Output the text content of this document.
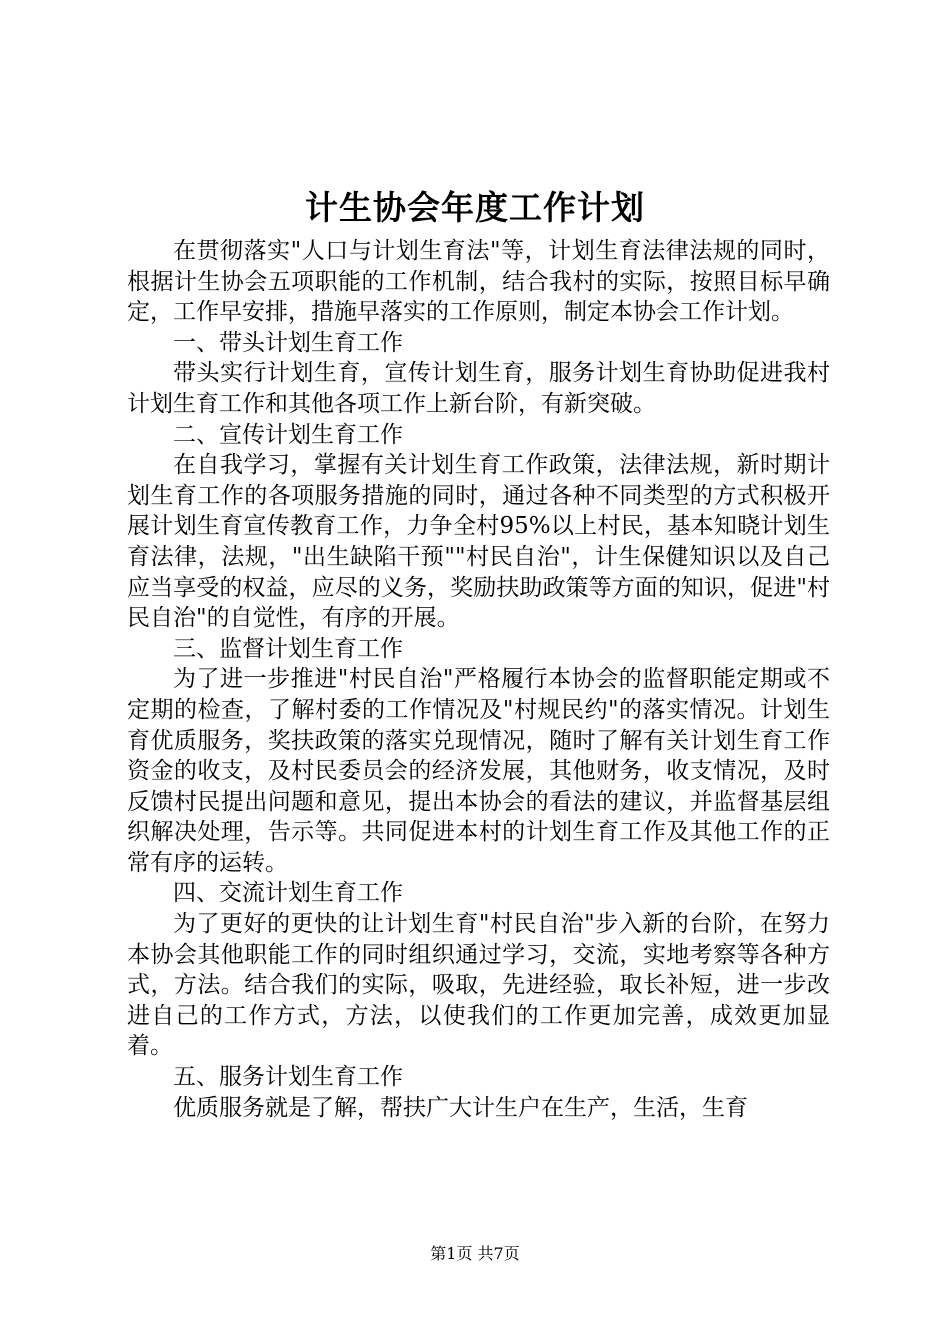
计生协会年度工作计划

在贯彻落实"人口与计划生育法"等，计划生育法律法规的同时，根据计生协会五项职能的工作机制，结合我村的实际，按照目标早确定，工作早安排，措施早落实的工作原则，制定本协会工作计划。

一、带头计划生育工作

带头实行计划生育，宣传计划生育，服务计划生育协助促进我村计划生育工作和其他各项工作上新台阶，有新突破。

二、宣传计划生育工作

在自我学习，掌握有关计划生育工作政策，法律法规，新时期计划生育工作的各项服务措施的同时，通过各种不同类型的方式积极开展计划生育宣传教育工作，力争全村95%以上村民，基本知晓计划生育法律，法规，"出生缺陷干预""村民自治"，计生保健知识以及自己应当享受的权益，应尽的义务，奖励扶助政策等方面的知识，促进"村民自治"的自觉性，有序的开展。

三、监督计划生育工作

为了进一步推进"村民自治"严格履行本协会的监督职能定期或不定期的检查，了解村委的工作情况及"村规民约"的落实情况。计划生育优质服务，奖扶政策的落实兑现情况，随时了解有关计划生育工作资金的收支，及村民委员会的经济发展，其他财务，收支情况，及时反馈村民提出问题和意见，提出本协会的看法的建议，并监督基层组织解决处理，告示等。共同促进本村的计划生育工作及其他工作的正常有序的运转。

四、交流计划生育工作

为了更好的更快的让计划生育"村民自治"步入新的台阶，在努力本协会其他职能工作的同时组织通过学习，交流，实地考察等各种方式，方法。结合我们的实际，吸取，先进经验，取长补短，进一步改进自己的工作方式，方法，以使我们的工作更加完善，成效更加显着。

五、服务计划生育工作

优质服务就是了解，帮扶广大计生户在生产，生活，生育

第1页 共7页
